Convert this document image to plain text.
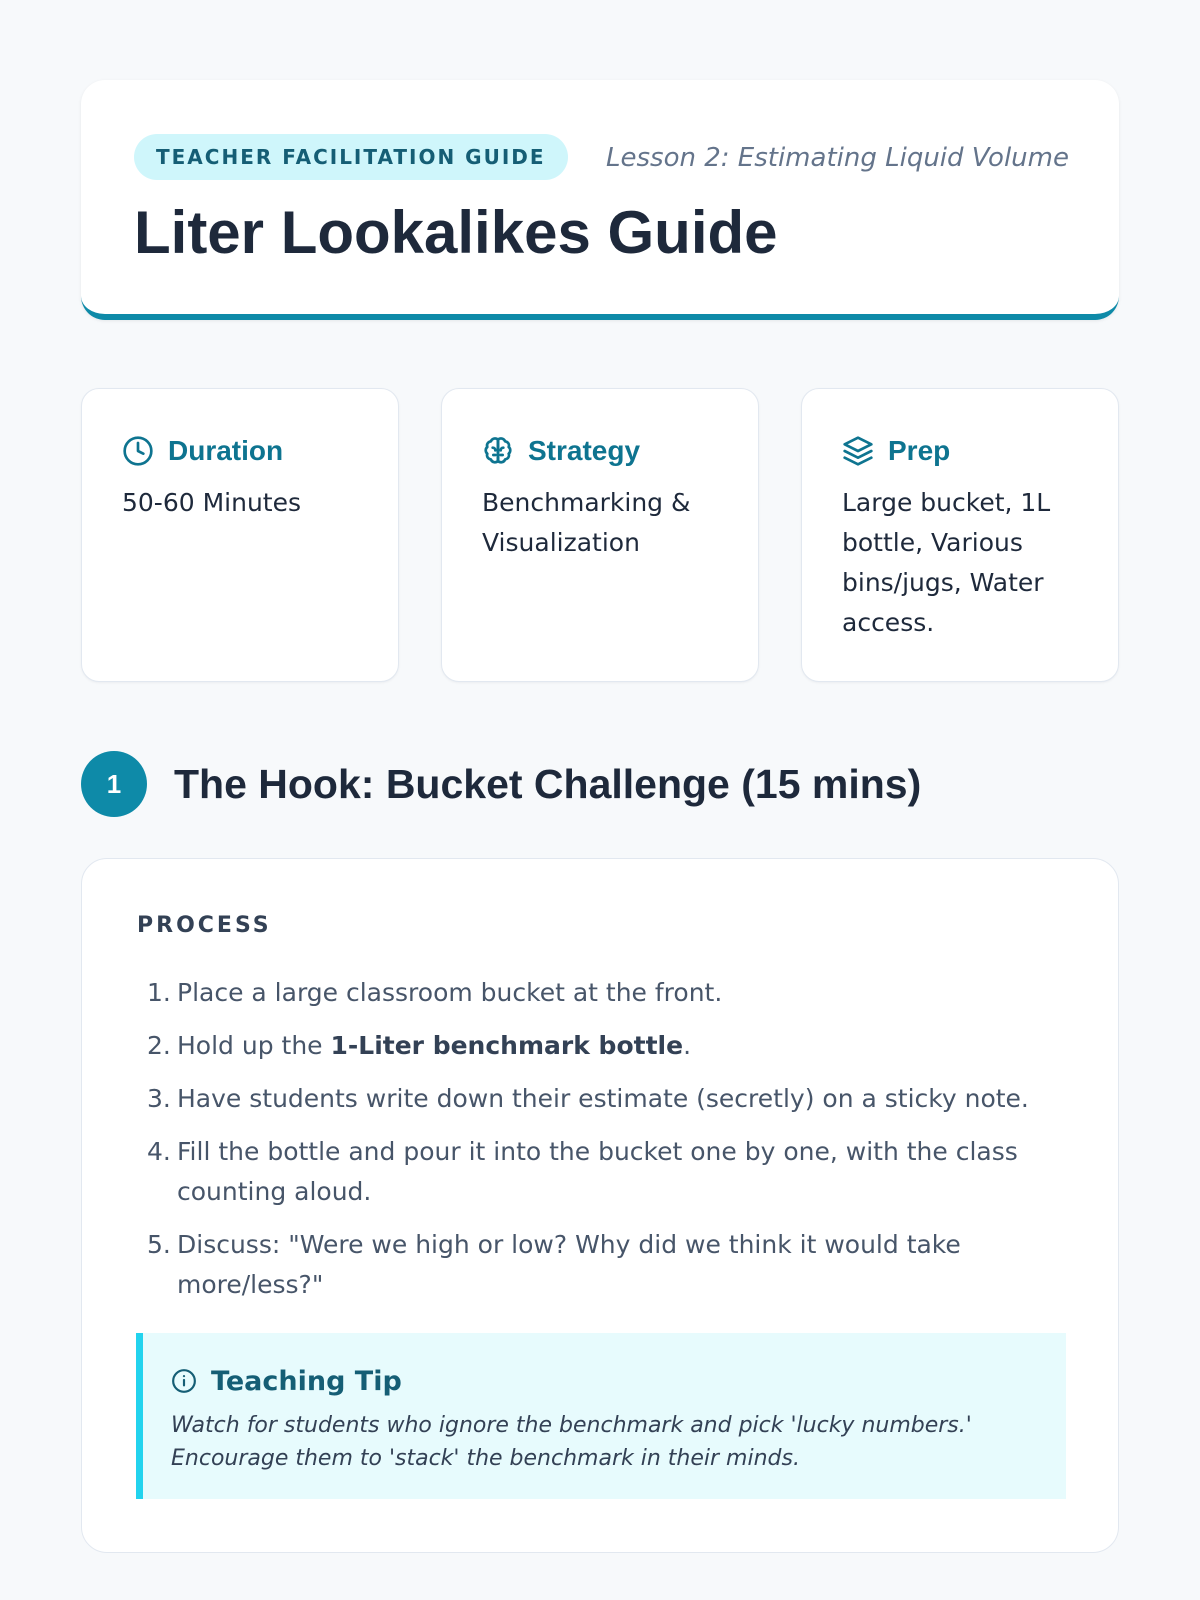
TEACHER FACILITATION GUIDE	Lesson 2: Estimating Liquid Volume
Liter Lookalikes Guide
Duration
50-60 Minutes
Strategy
Benchmarking & Visualization
Prep
Large bucket, 1L bottle, Various bins/jugs, Water access.
1	The Hook: Bucket Challenge (15 mins)
PROCESS
1. Place a large classroom bucket at the front.
2. Hold up the 1-Liter benchmark bottle.
3. Have students write down their estimate (secretly) on a sticky note.
4. Fill the bottle and pour it into the bucket one by one, with the class counting aloud.
5. Discuss: "Were we high or low? Why did we think it would take more/less?"
Teaching Tip
Watch for students who ignore the benchmark and pick 'lucky numbers.' Encourage them to 'stack' the benchmark in their minds.
